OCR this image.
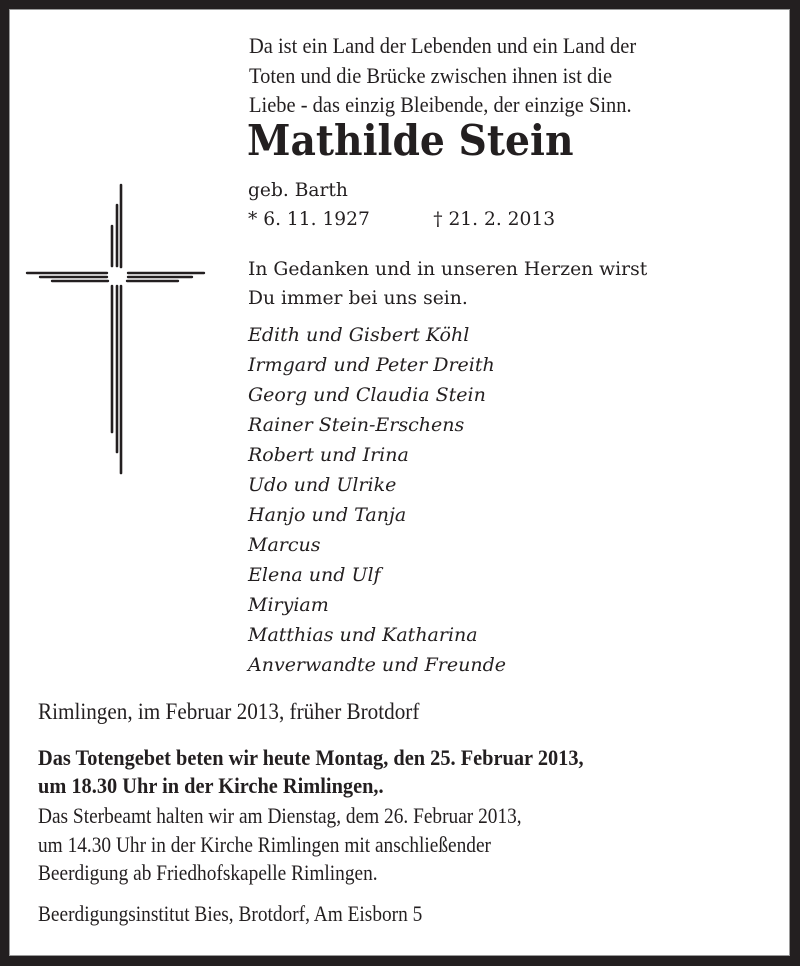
Da ist ein Land der Lebenden und ein Land der
Toten und die Brücke zwischen ihnen ist die
Liebe - das einzig Bleibende, der einzige Sinn.
Mathilde Stein
geb. Barth
* 6. 11. 1927	† 21. 2. 2013
In Gedanken und in unseren Herzen wirst
Du immer bei uns sein.
Edith und Gisbert Köhl
Irmgard und Peter Dreith
Georg und Claudia Stein
Rainer Stein-Erschens
Robert und Irina
Udo und Ulrike
Hanjo und Tanja
Marcus
Elena und Ulf
Miryiam
Matthias und Katharina
Anverwandte und Freunde
Rimlingen, im Februar 2013, früher Brotdorf
Das Totengebet beten wir heute Montag, den 25. Februar 2013,
um 18.30 Uhr in der Kirche Rimlingen,.
Das Sterbeamt halten wir am Dienstag, dem 26. Februar 2013,
um 14.30 Uhr in der Kirche Rimlingen mit anschließender
Beerdigung ab Friedhofskapelle Rimlingen.
Beerdigungsinstitut Bies, Brotdorf, Am Eisborn 5
